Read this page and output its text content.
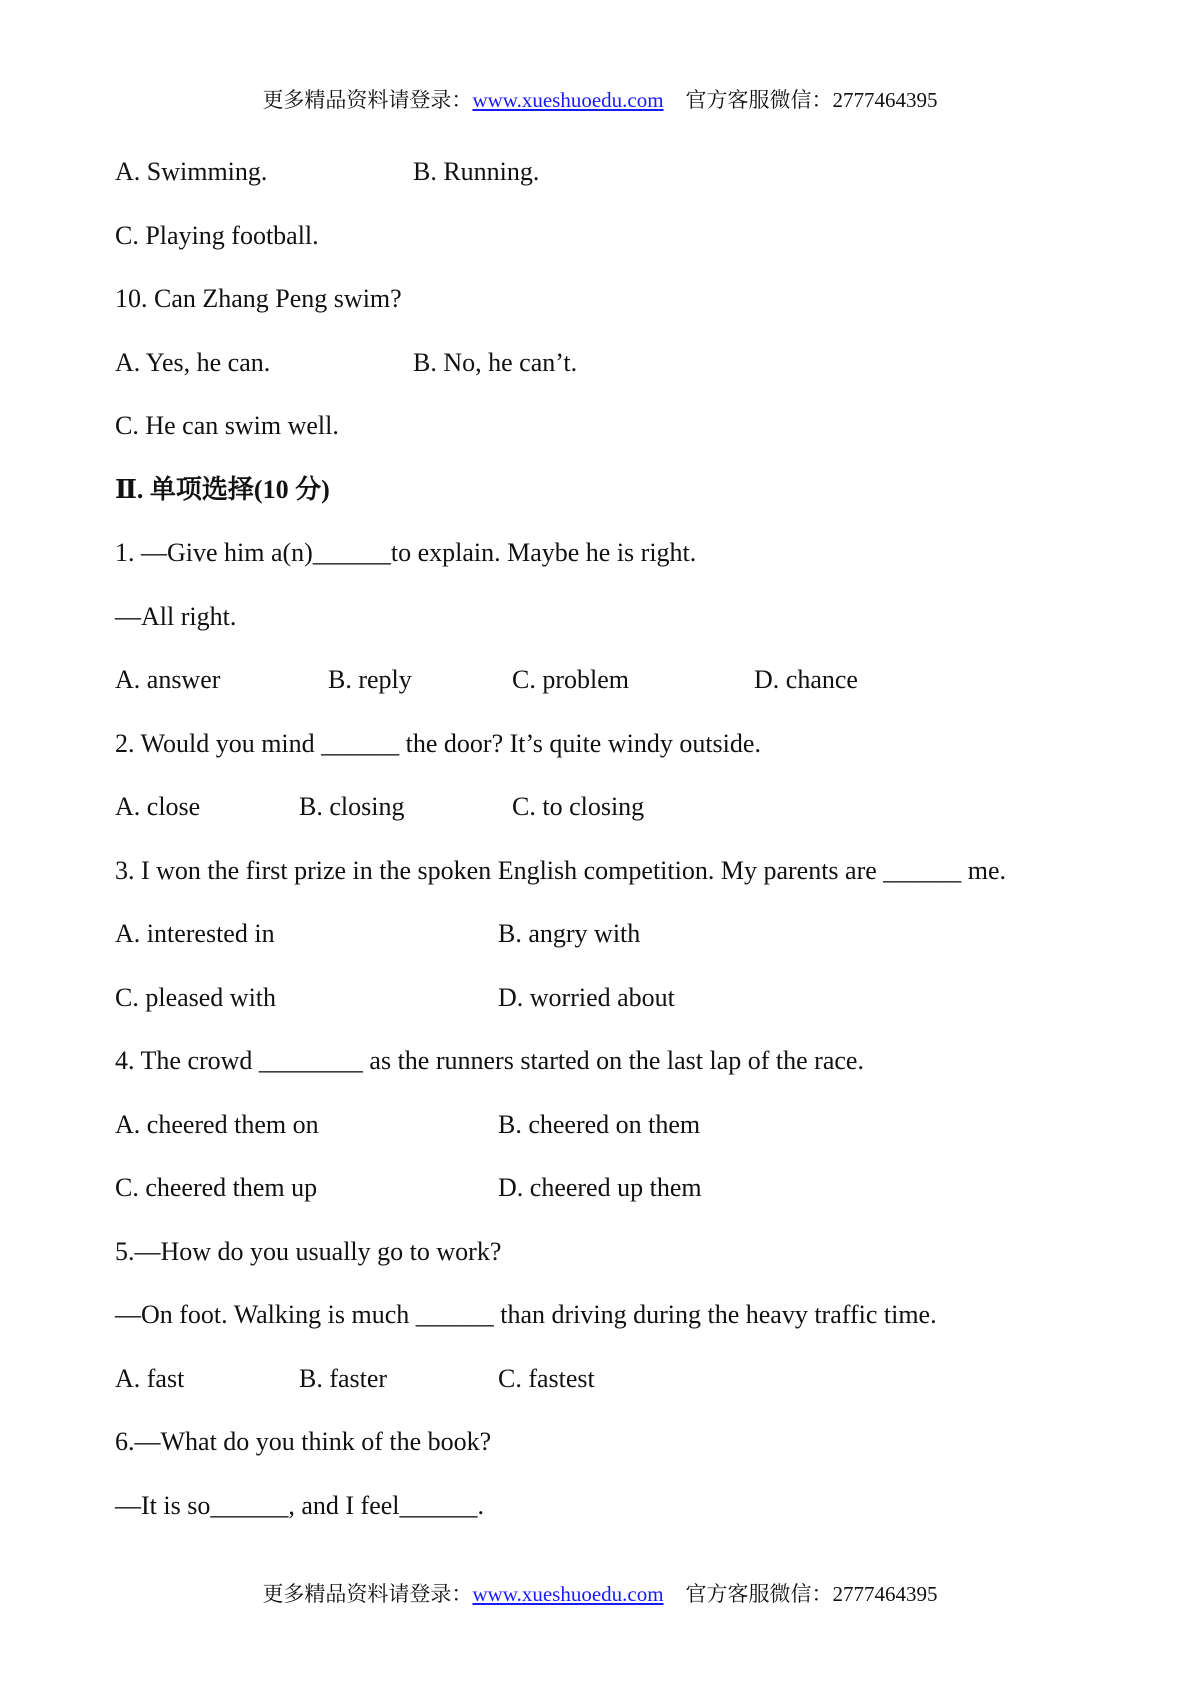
更多精品资料请登录：www.xueshuoedu.com 官方客服微信：2777464395
A. Swimming.	B. Running.
C. Playing football.
10. Can Zhang Peng swim?
A. Yes, he can.	B. No, he can’t.
C. He can swim well.
Ⅱ. 单项选择(10 分)
1. —Give him a(n)______to explain. Maybe he is right.
—All right.
A. answer	B. reply	C. problem	D. chance
2. Would you mind ______ the door? It’s quite windy outside.
A. close	B. closing	C. to closing
3. I won the first prize in the spoken English competition. My parents are ______ me.
A. interested in	B. angry with
C. pleased with	D. worried about
4. The crowd ________ as the runners started on the last lap of the race.
A. cheered them on	B. cheered on them
C. cheered them up	D. cheered up them
5.—How do you usually go to work?
—On foot. Walking is much ______ than driving during the heavy traffic time.
A. fast	B. faster	C. fastest
6.—What do you think of the book?
—It is so______, and I feel______.
更多精品资料请登录：www.xueshuoedu.com 官方客服微信：2777464395
